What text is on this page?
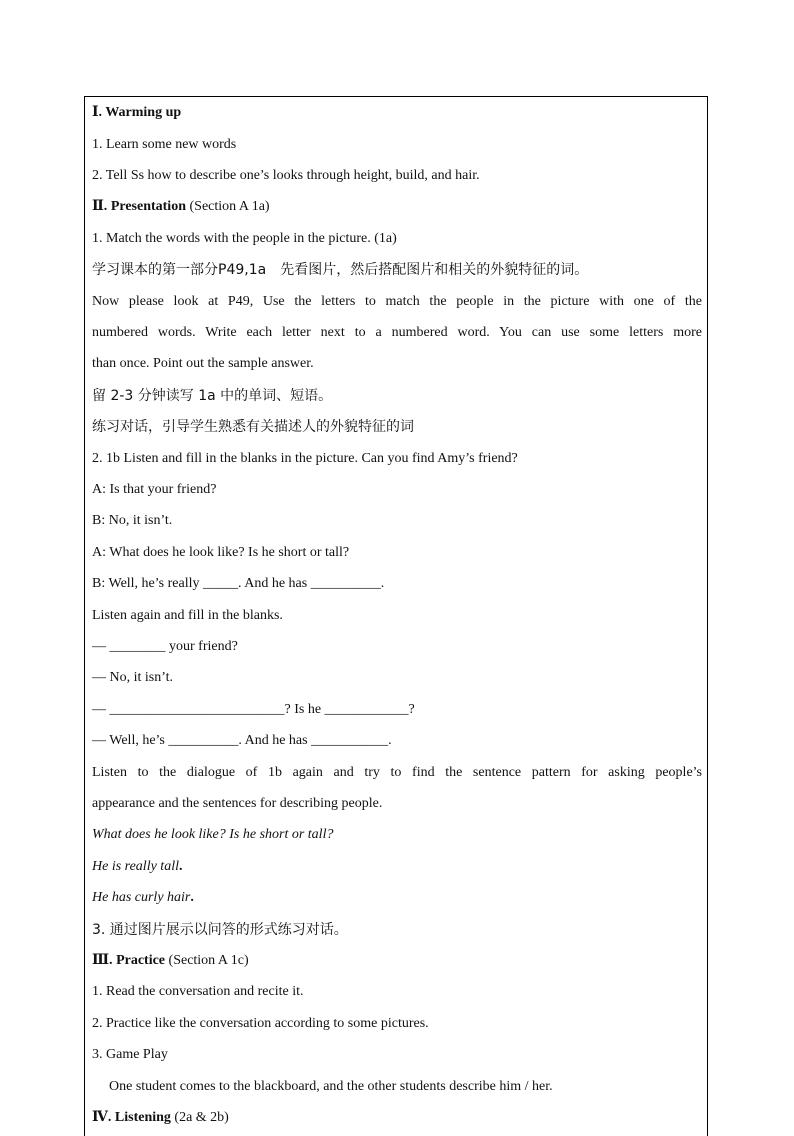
Ⅰ. Warming up
1. Learn some new words
2. Tell Ss how to describe one’s looks through height, build, and hair.
Ⅱ. Presentation (Section A 1a)
1. Match the words with the people in the picture. (1a)
学习课本的第一部分P49,1a　先看图片，然后搭配图片和相关的外貌特征的词。
Now please look at P49, Use the letters to match the people in the picture with one of the
numbered words. Write each letter next to a numbered word. You can use some letters more
than once. Point out the sample answer.
留 2-3 分钟读写 1a 中的单词、短语。
练习对话，引导学生熟悉有关描述人的外貌特征的词
2. 1b Listen and fill in the blanks in the picture. Can you find Amy’s friend?
A: Is that your friend?
B: No, it isn’t.
A: What does he look like? Is he short or tall?
B: Well, he’s really _____. And he has __________.
Listen again and fill in the blanks.
— ________ your friend?
— No, it isn’t.
— _________________________? Is he ____________?
— Well, he’s __________. And he has ___________.
Listen to the dialogue of 1b again and try to find the sentence pattern for asking people’s
appearance and the sentences for describing people.
What does he look like? Is he short or tall?
He is really tall.
He has curly hair.
3. 通过图片展示以问答的形式练习对话。
Ⅲ. Practice (Section A 1c)
1. Read the conversation and recite it.
2. Practice like the conversation according to some pictures.
3. Game Play
One student comes to the blackboard, and the other students describe him / her.
Ⅳ. Listening (2a & 2b)
